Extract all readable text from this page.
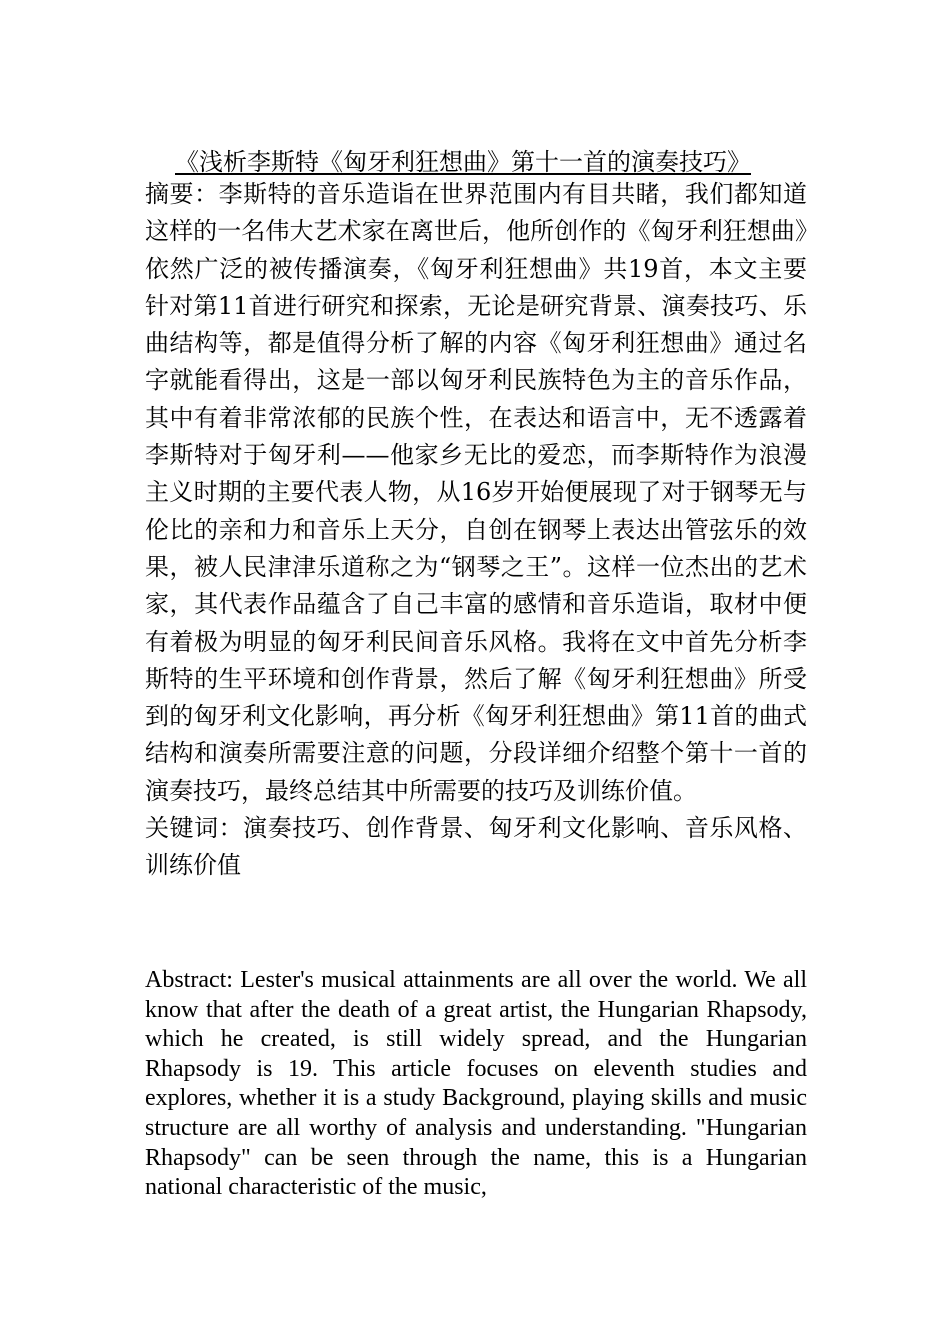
《浅析李斯特《匈牙利狂想曲》第十一首的演奏技巧》

摘要：李斯特的音乐造诣在世界范围内有目共睹，我们都知道这样的一名伟大艺术家在离世后，他所创作的《匈牙利狂想曲》依然广泛的被传播演奏，《匈牙利狂想曲》共19首，本文主要针对第11首进行研究和探索，无论是研究背景、演奏技巧、乐曲结构等，都是值得分析了解的内容《匈牙利狂想曲》通过名字就能看得出，这是一部以匈牙利民族特色为主的音乐作品，其中有着非常浓郁的民族个性，在表达和语言中，无不透露着李斯特对于匈牙利——他家乡无比的爱恋，而李斯特作为浪漫主义时期的主要代表人物，从16岁开始便展现了对于钢琴无与伦比的亲和力和音乐上天分，自创在钢琴上表达出管弦乐的效果，被人民津津乐道称之为“钢琴之王”。这样一位杰出的艺术家，其代表作品蕴含了自己丰富的感情和音乐造诣，取材中便有着极为明显的匈牙利民间音乐风格。我将在文中首先分析李斯特的生平环境和创作背景，然后了解《匈牙利狂想曲》所受到的匈牙利文化影响，再分析《匈牙利狂想曲》第11首的曲式结构和演奏所需要注意的问题，分段详细介绍整个第十一首的演奏技巧，最终总结其中所需要的技巧及训练价值。

关键词：演奏技巧、创作背景、匈牙利文化影响、音乐风格、训练价值

Abstract: Lester's musical attainments are all over the world. We all know that after the death of a great artist, the Hungarian Rhapsody, which he created, is still widely spread, and the Hungarian Rhapsody is 19. This article focuses on eleventh studies and explores, whether it is a study Background, playing skills and music structure are all worthy of analysis and understanding. "Hungarian Rhapsody" can be seen through the name, this is a Hungarian national characteristic of the music,
